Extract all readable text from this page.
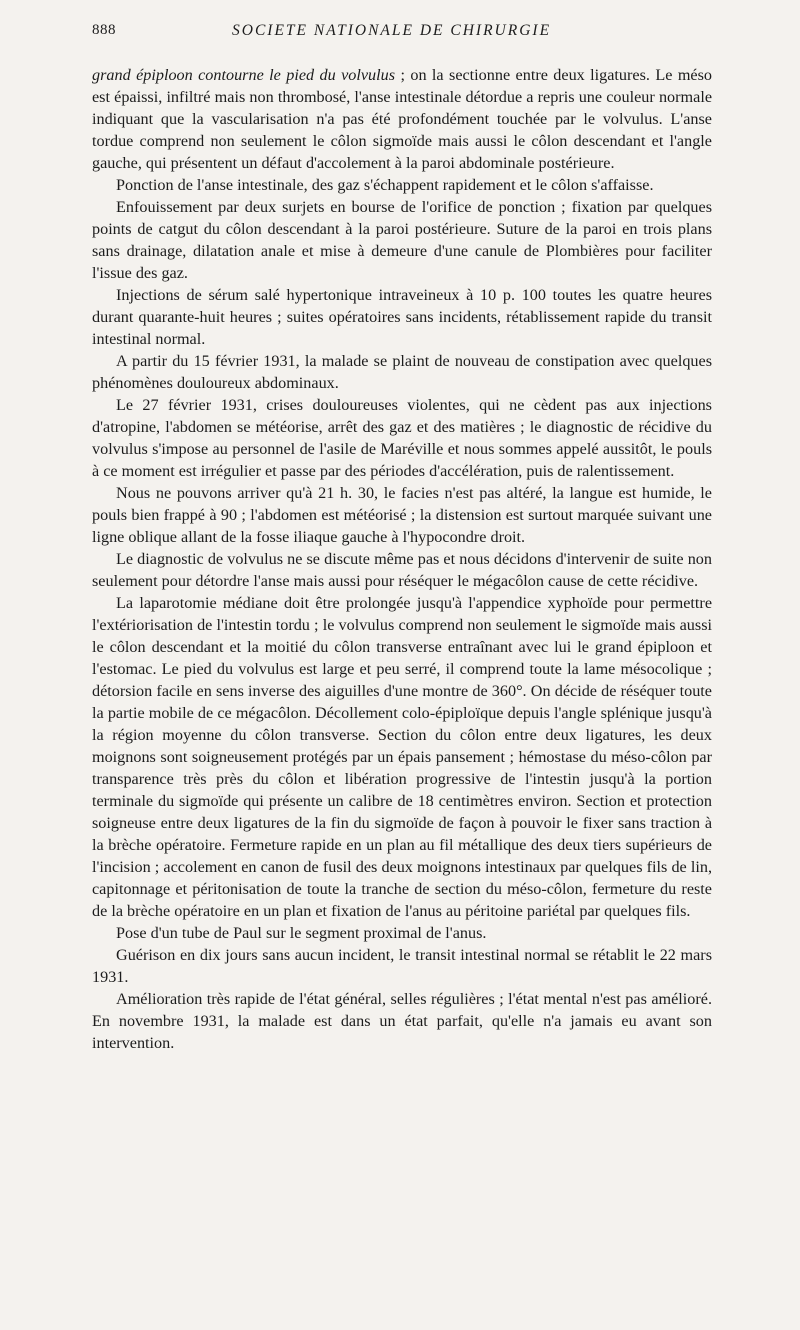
888	SOCIETE NATIONALE DE CHIRURGIE

grand épiploon contourne le pied du volvulus ; on la sectionne entre deux ligatures. Le méso est épaissi, infiltré mais non thrombosé, l'anse intestinale détordue a repris une couleur normale indiquant que la vascularisation n'a pas été profondément touchée par le volvulus. L'anse tordue comprend non seulement le côlon sigmoïde mais aussi le côlon descendant et l'angle gauche, qui présentent un défaut d'accolement à la paroi abdominale postérieure.

Ponction de l'anse intestinale, des gaz s'échappent rapidement et le côlon s'affaisse.

Enfouissement par deux surjets en bourse de l'orifice de ponction ; fixation par quelques points de catgut du côlon descendant à la paroi postérieure. Suture de la paroi en trois plans sans drainage, dilatation anale et mise à demeure d'une canule de Plombières pour faciliter l'issue des gaz.

Injections de sérum salé hypertonique intraveineux à 10 p. 100 toutes les quatre heures durant quarante-huit heures ; suites opératoires sans incidents, rétablissement rapide du transit intestinal normal.

A partir du 15 février 1931, la malade se plaint de nouveau de constipation avec quelques phénomènes douloureux abdominaux.

Le 27 février 1931, crises douloureuses violentes, qui ne cèdent pas aux injections d'atropine, l'abdomen se météorise, arrêt des gaz et des matières ; le diagnostic de récidive du volvulus s'impose au personnel de l'asile de Maréville et nous sommes appelé aussitôt, le pouls à ce moment est irrégulier et passe par des périodes d'accélération, puis de ralentissement.

Nous ne pouvons arriver qu'à 21 h. 30, le facies n'est pas altéré, la langue est humide, le pouls bien frappé à 90 ; l'abdomen est météorisé ; la distension est surtout marquée suivant une ligne oblique allant de la fosse iliaque gauche à l'hypocondre droit.

Le diagnostic de volvulus ne se discute même pas et nous décidons d'intervenir de suite non seulement pour détordre l'anse mais aussi pour réséquer le mégacôlon cause de cette récidive.

La laparotomie médiane doit être prolongée jusqu'à l'appendice xyphoïde pour permettre l'extériorisation de l'intestin tordu ; le volvulus comprend non seulement le sigmoïde mais aussi le côlon descendant et la moitié du côlon transverse entraînant avec lui le grand épiploon et l'estomac. Le pied du volvulus est large et peu serré, il comprend toute la lame mésocolique ; détorsion facile en sens inverse des aiguilles d'une montre de 360°. On décide de réséquer toute la partie mobile de ce mégacôlon. Décollement colo-épiploïque depuis l'angle splénique jusqu'à la région moyenne du côlon transverse. Section du côlon entre deux ligatures, les deux moignons sont soigneusement protégés par un épais pansement ; hémostase du méso-côlon par transparence très près du côlon et libération progressive de l'intestin jusqu'à la portion terminale du sigmoïde qui présente un calibre de 18 centimètres environ. Section et protection soigneuse entre deux ligatures de la fin du sigmoïde de façon à pouvoir le fixer sans traction à la brèche opératoire. Fermeture rapide en un plan au fil métallique des deux tiers supérieurs de l'incision ; accolement en canon de fusil des deux moignons intestinaux par quelques fils de lin, capitonnage et péritonisation de toute la tranche de section du méso-côlon, fermeture du reste de la brèche opératoire en un plan et fixation de l'anus au péritoine pariétal par quelques fils.

Pose d'un tube de Paul sur le segment proximal de l'anus.

Guérison en dix jours sans aucun incident, le transit intestinal normal se rétablit le 22 mars 1931.

Amélioration très rapide de l'état général, selles régulières ; l'état mental n'est pas amélioré. En novembre 1931, la malade est dans un état parfait, qu'elle n'a jamais eu avant son intervention.
